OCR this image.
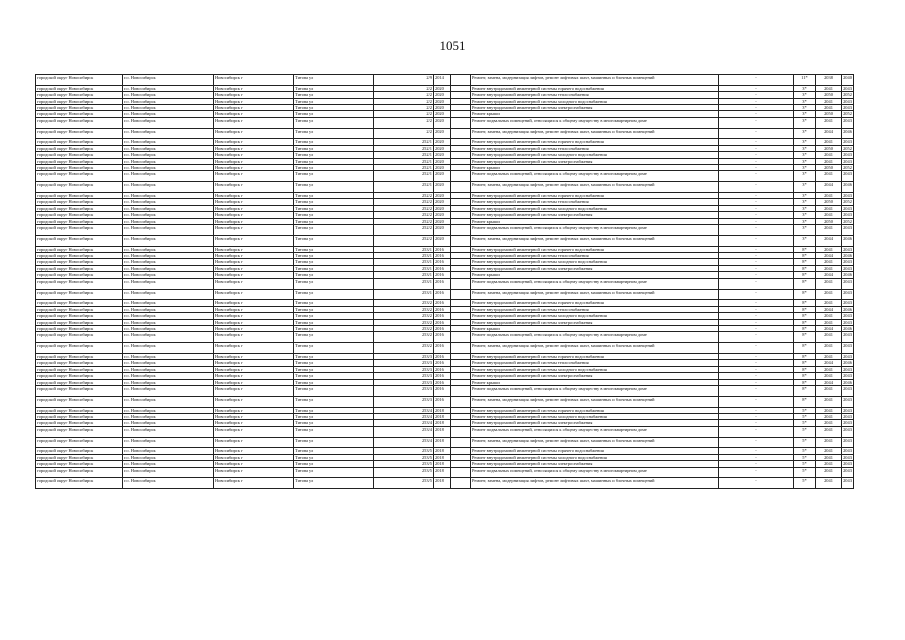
1051
городской округ Новосибирск	г.о. Новосибирск	Новосибирск г	Титова ул	2/9	2014		Ремонт, замена, модернизация лифтов, ремонт лифтовых шахт, машинных и блочных помещений	-	11*	2038	2040
городской округ Новосибирск	г.о. Новосибирск	Новосибирск г	Титова ул	2/2	2020		Ремонт внутридомовой инженерной системы горячего водоснабжения	-	3*	2041	2043
городской округ Новосибирск	г.о. Новосибирск	Новосибирск г	Титова ул	2/2	2020		Ремонт внутридомовой инженерной системы теплоснабжения	-	3*	2050	2052
городской округ Новосибирск	г.о. Новосибирск	Новосибирск г	Титова ул	2/2	2020		Ремонт внутридомовой инженерной системы холодного водоснабжения	-	3*	2041	2043
городской округ Новосибирск	г.о. Новосибирск	Новосибирск г	Титова ул	2/2	2020		Ремонт внутридомовой инженерной системы электроснабжения	-	3*	2041	2043
городской округ Новосибирск	г.о. Новосибирск	Новосибирск г	Титова ул	2/2	2020		Ремонт крыши	-	3*	2050	2052
городской округ Новосибирск	г.о. Новосибирск	Новосибирск г	Титова ул	2/2	2020		Ремонт подвальных помещений, относящихся к общему имуществу в многоквартирном доме	-	3*	2041	2043
городской округ Новосибирск	г.о. Новосибирск	Новосибирск г	Титова ул	2/2	2020		Ремонт, замена, модернизация лифтов, ремонт лифтовых шахт, машинных и блочных помещений	-	3*	2044	2046
городской округ Новосибирск	г.о. Новосибирск	Новосибирск г	Титова ул	252/1	2020		Ремонт внутридомовой инженерной системы горячего водоснабжения	-	3*	2041	2043
городской округ Новосибирск	г.о. Новосибирск	Новосибирск г	Титова ул	252/1	2020		Ремонт внутридомовой инженерной системы теплоснабжения	-	3*	2050	2052
городской округ Новосибирск	г.о. Новосибирск	Новосибирск г	Титова ул	252/1	2020		Ремонт внутридомовой инженерной системы холодного водоснабжения	-	3*	2041	2043
городской округ Новосибирск	г.о. Новосибирск	Новосибирск г	Титова ул	252/1	2020		Ремонт внутридомовой инженерной системы электроснабжения	-	3*	2041	2043
городской округ Новосибирск	г.о. Новосибирск	Новосибирск г	Титова ул	252/1	2020		Ремонт крыши	-	3*	2050	2052
городской округ Новосибирск	г.о. Новосибирск	Новосибирск г	Титова ул	252/1	2020		Ремонт подвальных помещений, относящихся к общему имуществу в многоквартирном доме	-	3*	2041	2043
городской округ Новосибирск	г.о. Новосибирск	Новосибирск г	Титова ул	252/1	2020		Ремонт, замена, модернизация лифтов, ремонт лифтовых шахт, машинных и блочных помещений	-	3*	2044	2046
городской округ Новосибирск	г.о. Новосибирск	Новосибирск г	Титова ул	252/2	2020		Ремонт внутридомовой инженерной системы горячего водоснабжения	-	3*	2041	2043
городской округ Новосибирск	г.о. Новосибирск	Новосибирск г	Титова ул	252/2	2020		Ремонт внутридомовой инженерной системы теплоснабжения	-	3*	2050	2052
городской округ Новосибирск	г.о. Новосибирск	Новосибирск г	Титова ул	252/2	2020		Ремонт внутридомовой инженерной системы холодного водоснабжения	-	3*	2041	2043
городской округ Новосибирск	г.о. Новосибирск	Новосибирск г	Титова ул	252/2	2020		Ремонт внутридомовой инженерной системы электроснабжения	-	3*	2041	2043
городской округ Новосибирск	г.о. Новосибирск	Новосибирск г	Титова ул	252/2	2020		Ремонт крыши	-	3*	2050	2052
городской округ Новосибирск	г.о. Новосибирск	Новосибирск г	Титова ул	252/2	2020		Ремонт подвальных помещений, относящихся к общему имуществу в многоквартирном доме	-	3*	2041	2043
городской округ Новосибирск	г.о. Новосибирск	Новосибирск г	Титова ул	252/2	2020		Ремонт, замена, модернизация лифтов, ремонт лифтовых шахт, машинных и блочных помещений	-	3*	2044	2046
городской округ Новосибирск	г.о. Новосибирск	Новосибирск г	Титова ул	253/1	2016		Ремонт внутридомовой инженерной системы горячего водоснабжения	-	8*	2041	2043
городской округ Новосибирск	г.о. Новосибирск	Новосибирск г	Титова ул	253/1	2016		Ремонт внутридомовой инженерной системы теплоснабжения	-	8*	2044	2046
городской округ Новосибирск	г.о. Новосибирск	Новосибирск г	Титова ул	253/1	2016		Ремонт внутридомовой инженерной системы холодного водоснабжения	-	8*	2041	2043
городской округ Новосибирск	г.о. Новосибирск	Новосибирск г	Титова ул	253/1	2016		Ремонт внутридомовой инженерной системы электроснабжения	-	8*	2041	2043
городской округ Новосибирск	г.о. Новосибирск	Новосибирск г	Титова ул	253/1	2016		Ремонт крыши	-	8*	2044	2046
городской округ Новосибирск	г.о. Новосибирск	Новосибирск г	Титова ул	253/1	2016		Ремонт подвальных помещений, относящихся к общему имуществу в многоквартирном доме	-	8*	2041	2043
городской округ Новосибирск	г.о. Новосибирск	Новосибирск г	Титова ул	253/1	2016		Ремонт, замена, модернизация лифтов, ремонт лифтовых шахт, машинных и блочных помещений	-	8*	2041	2043
городской округ Новосибирск	г.о. Новосибирск	Новосибирск г	Титова ул	253/2	2016		Ремонт внутридомовой инженерной системы горячего водоснабжения	-	8*	2041	2043
городской округ Новосибирск	г.о. Новосибирск	Новосибирск г	Титова ул	253/2	2016		Ремонт внутридомовой инженерной системы теплоснабжения	-	8*	2044	2046
городской округ Новосибирск	г.о. Новосибирск	Новосибирск г	Титова ул	253/2	2016		Ремонт внутридомовой инженерной системы холодного водоснабжения	-	8*	2041	2043
городской округ Новосибирск	г.о. Новосибирск	Новосибирск г	Титова ул	253/2	2016		Ремонт внутридомовой инженерной системы электроснабжения	-	8*	2041	2043
городской округ Новосибирск	г.о. Новосибирск	Новосибирск г	Титова ул	253/2	2016		Ремонт крыши	-	8*	2044	2046
городской округ Новосибирск	г.о. Новосибирск	Новосибирск г	Титова ул	253/2	2016		Ремонт подвальных помещений, относящихся к общему имуществу в многоквартирном доме	-	8*	2041	2043
городской округ Новосибирск	г.о. Новосибирск	Новосибирск г	Титова ул	253/2	2016		Ремонт, замена, модернизация лифтов, ремонт лифтовых шахт, машинных и блочных помещений	-	8*	2041	2043
городской округ Новосибирск	г.о. Новосибирск	Новосибирск г	Титова ул	253/3	2016		Ремонт внутридомовой инженерной системы горячего водоснабжения	-	8*	2041	2043
городской округ Новосибирск	г.о. Новосибирск	Новосибирск г	Титова ул	253/3	2016		Ремонт внутридомовой инженерной системы теплоснабжения	-	8*	2044	2046
городской округ Новосибирск	г.о. Новосибирск	Новосибирск г	Титова ул	253/3	2016		Ремонт внутридомовой инженерной системы холодного водоснабжения	-	8*	2041	2043
городской округ Новосибирск	г.о. Новосибирск	Новосибирск г	Титова ул	253/3	2016		Ремонт внутридомовой инженерной системы электроснабжения	-	8*	2041	2043
городской округ Новосибирск	г.о. Новосибирск	Новосибирск г	Титова ул	253/3	2016		Ремонт крыши	-	8*	2044	2046
городской округ Новосибирск	г.о. Новосибирск	Новосибирск г	Титова ул	253/3	2016		Ремонт подвальных помещений, относящихся к общему имуществу в многоквартирном доме	-	8*	2041	2043
городской округ Новосибирск	г.о. Новосибирск	Новосибирск г	Титова ул	253/3	2016		Ремонт, замена, модернизация лифтов, ремонт лифтовых шахт, машинных и блочных помещений	-	8*	2041	2043
городской округ Новосибирск	г.о. Новосибирск	Новосибирск г	Титова ул	253/4	2018		Ремонт внутридомовой инженерной системы горячего водоснабжения	-	5*	2041	2043
городской округ Новосибирск	г.о. Новосибирск	Новосибирск г	Титова ул	253/4	2018		Ремонт внутридомовой инженерной системы холодного водоснабжения	-	5*	2041	2043
городской округ Новосибирск	г.о. Новосибирск	Новосибирск г	Титова ул	253/4	2018		Ремонт внутридомовой инженерной системы электроснабжения	-	5*	2041	2043
городской округ Новосибирск	г.о. Новосибирск	Новосибирск г	Титова ул	253/4	2018		Ремонт подвальных помещений, относящихся к общему имуществу в многоквартирном доме	-	5*	2041	2043
городской округ Новосибирск	г.о. Новосибирск	Новосибирск г	Титова ул	253/4	2018		Ремонт, замена, модернизация лифтов, ремонт лифтовых шахт, машинных и блочных помещений	-	5*	2041	2043
городской округ Новосибирск	г.о. Новосибирск	Новосибирск г	Титова ул	253/5	2018		Ремонт внутридомовой инженерной системы горячего водоснабжения	-	5*	2041	2043
городской округ Новосибирск	г.о. Новосибирск	Новосибирск г	Титова ул	253/5	2018		Ремонт внутридомовой инженерной системы холодного водоснабжения	-	5*	2041	2043
городской округ Новосибирск	г.о. Новосибирск	Новосибирск г	Титова ул	253/5	2018		Ремонт внутридомовой инженерной системы электроснабжения	-	5*	2041	2043
городской округ Новосибирск	г.о. Новосибирск	Новосибирск г	Титова ул	253/5	2018		Ремонт подвальных помещений, относящихся к общему имуществу в многоквартирном доме	-	5*	2041	2043
городской округ Новосибирск	г.о. Новосибирск	Новосибирск г	Титова ул	253/5	2018		Ремонт, замена, модернизация лифтов, ремонт лифтовых шахт, машинных и блочных помещений	-	5*	2041	2043
